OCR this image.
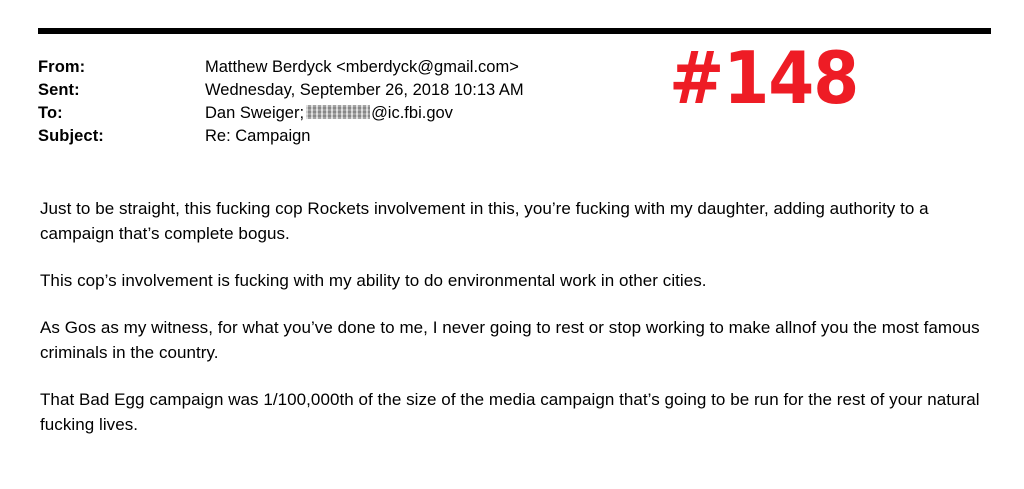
From:	Matthew Berdyck <mberdyck@gmail.com>
Sent:	Wednesday, September 26, 2018 10:13 AM
To:	Dan Sweiger;	@ic.fbi.gov
Subject:	Re: Campaign
#148

Just to be straight, this fucking cop Rockets involvement in this, you’re fucking with my daughter, adding authority to a campaign that’s complete bogus.

This cop’s involvement is fucking with my ability to do environmental work in other cities.

As Gos as my witness, for what you’ve done to me, I never going to rest or stop working to make allnof you the most famous criminals in the country.

That Bad Egg campaign was 1/100,000th of the size of the media campaign that’s going to be run for the rest of your natural fucking lives.
